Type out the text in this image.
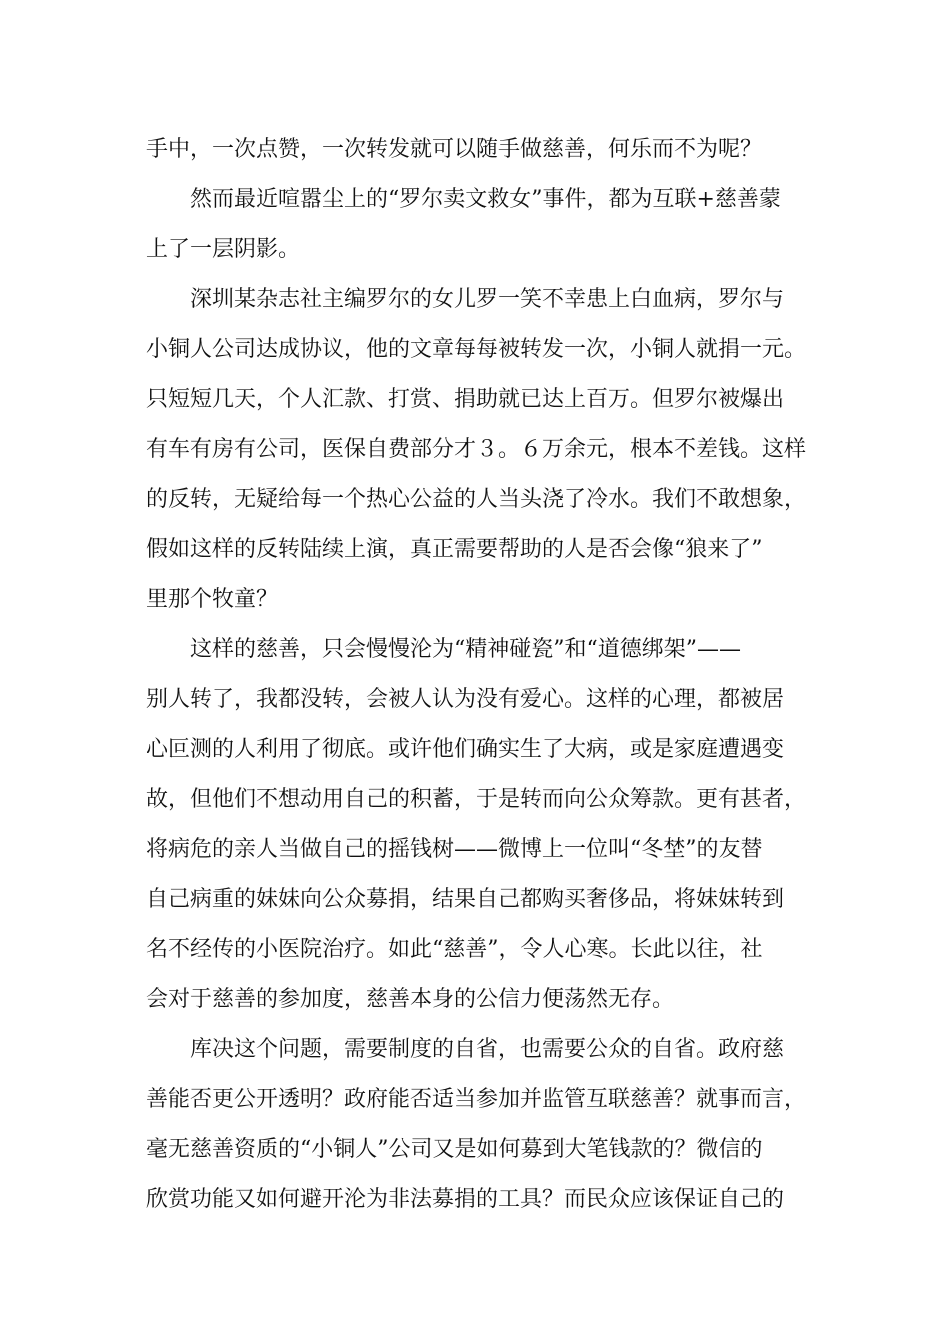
手中，一次点赞，一次转发就可以随手做慈善，何乐而不为呢？

然而最近喧嚣尘上的“罗尔卖文救女”事件，都为互联+慈善蒙

上了一层阴影。

深圳某杂志社主编罗尔的女儿罗一笑不幸患上白血病，罗尔与

小铜人公司达成协议，他的文章每每被转发一次，小铜人就捐一元。

只短短几天，个人汇款、打赏、捐助就已达上百万。但罗尔被爆出

有车有房有公司，医保自费部分才３。６万余元，根本不差钱。这样

的反转，无疑给每一个热心公益的人当头浇了冷水。我们不敢想象，

假如这样的反转陆续上演，真正需要帮助的人是否会像“狼来了”

里那个牧童？

这样的慈善，只会慢慢沦为“精神碰瓷”和“道德绑架”——

别人转了，我都没转，会被人认为没有爱心。这样的心理，都被居

心叵测的人利用了彻底。或许他们确实生了大病，或是家庭遭遇变

故，但他们不想动用自己的积蓄，于是转而向公众筹款。更有甚者，

将病危的亲人当做自己的摇钱树——微博上一位叫“冬埜”的友替

自己病重的妹妹向公众募捐，结果自己都购买奢侈品，将妹妹转到

名不经传的小医院治疗。如此“慈善”，令人心寒。长此以往，社

会对于慈善的参加度，慈善本身的公信力便荡然无存。

库决这个问题，需要制度的自省，也需要公众的自省。政府慈

善能否更公开透明？政府能否适当参加并监管互联慈善？就事而言，

毫无慈善资质的“小铜人”公司又是如何募到大笔钱款的？微信的

欣赏功能又如何避开沦为非法募捐的工具？而民众应该保证自己的
